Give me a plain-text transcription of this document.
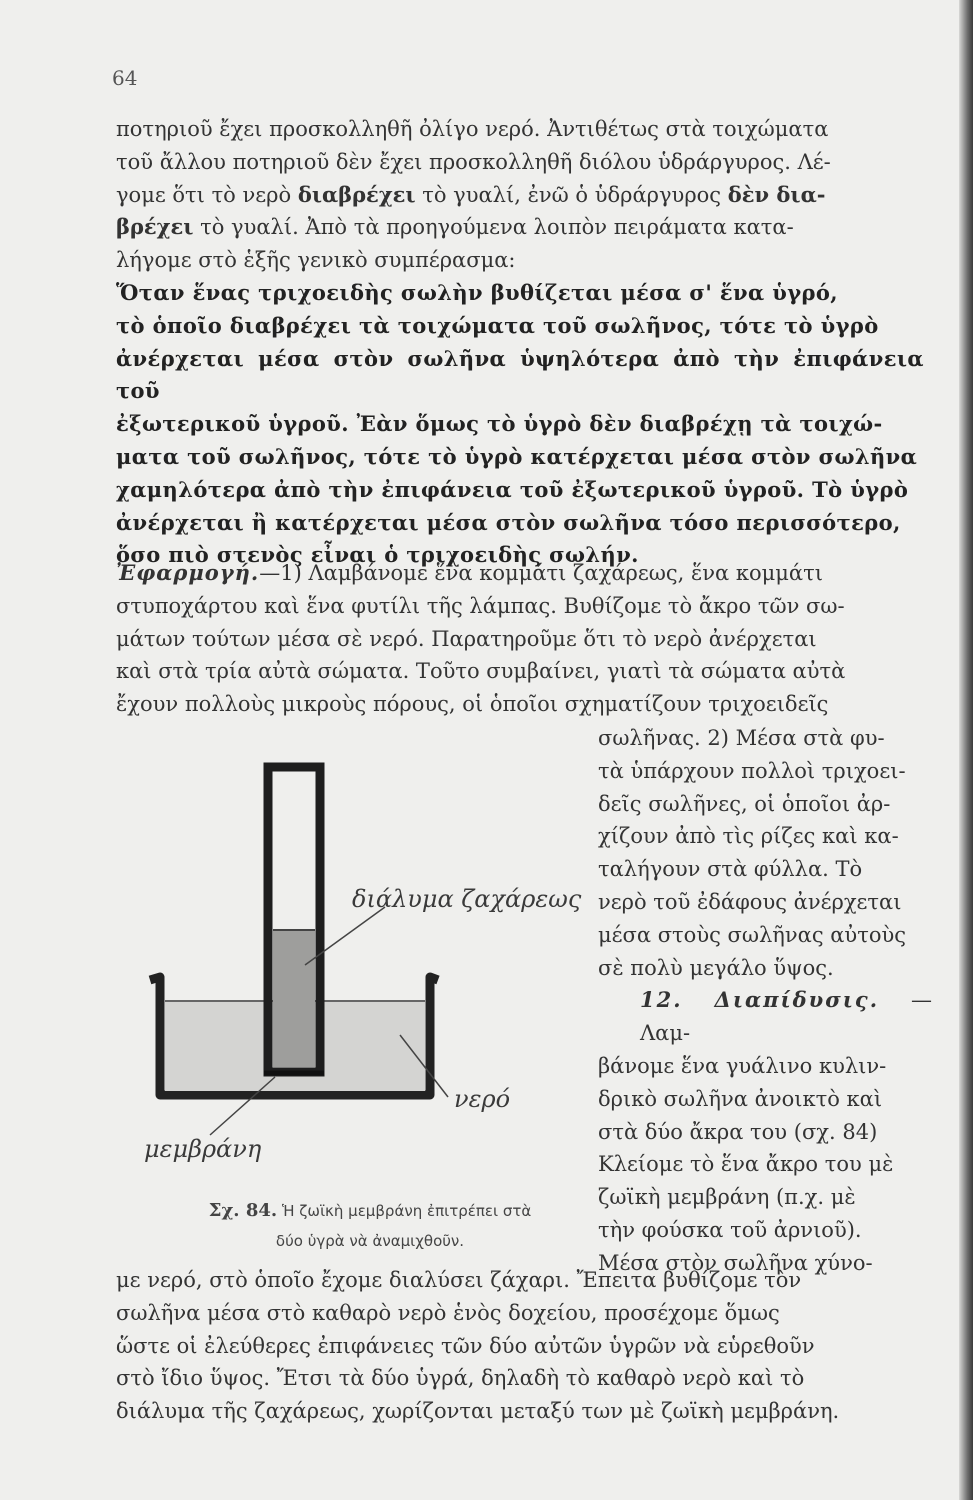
64

ποτηριοῦ ἔχει προσκολληθῆ ὀλίγο νερό. Ἀντιθέτως στὰ τοιχώματα
τοῦ ἄλλου ποτηριοῦ δὲν ἔχει προσκολληθῆ διόλου ὑδράργυρος. Λέ-
γομε ὅτι τὸ νερὸ διαβρέχει τὸ γυαλί, ἐνῶ ὁ ὑδράργυρος δὲν δια-
βρέχει τὸ γυαλί. Ἀπὸ τὰ προηγούμενα λοιπὸν πειράματα κατα-
λήγομε στὸ ἑξῆς γενικὸ συμπέρασμα:

Ὅταν ἕνας τριχοειδὴς σωλὴν βυθίζεται μέσα σ' ἕνα ὑγρό,
τὸ ὁποῖο διαβρέχει τὰ τοιχώματα τοῦ σωλῆνος, τότε τὸ ὑγρὸ
ἀνέρχεται μέσα στὸν σωλῆνα ὑψηλότερα ἀπὸ τὴν ἐπιφάνεια τοῦ
ἐξωτερικοῦ ὑγροῦ. Ἐὰν ὅμως τὸ ὑγρὸ δὲν διαβρέχῃ τὰ τοιχώ-
ματα τοῦ σωλῆνος, τότε τὸ ὑγρὸ κατέρχεται μέσα στὸν σωλῆνα
χαμηλότερα ἀπὸ τὴν ἐπιφάνεια τοῦ ἐξωτερικοῦ ὑγροῦ. Τὸ ὑγρὸ
ἀνέρχεται ἢ κατέρχεται μέσα στὸν σωλῆνα τόσο περισσότερο,
ὅσο πιὸ στενὸς εἶναι ὁ τριχοειδὴς σωλήν.

Ἐφαρμογή.—1) Λαμβάνομε ἕνα κομμάτι ζαχάρεως, ἕνα κομμάτι
στυποχάρτου καὶ ἕνα φυτίλι τῆς λάμπας. Βυθίζομε τὸ ἄκρο τῶν σω-
μάτων τούτων μέσα σὲ νερό. Παρατηροῦμε ὅτι τὸ νερὸ ἀνέρχεται
καὶ στὰ τρία αὐτὰ σώματα. Τοῦτο συμβαίνει, γιατὶ τὰ σώματα αὐτὰ
ἔχουν πολλοὺς μικροὺς πόρους, οἱ ὁποῖοι σχηματίζουν τριχοειδεῖς

σωλῆνας. 2) Μέσα στὰ φυ-
τὰ ὑπάρχουν πολλοὶ τριχοει-
δεῖς σωλῆνες, οἱ ὁποῖοι ἀρ-
χίζουν ἀπὸ τὶς ρίζες καὶ κα-
ταλήγουν στὰ φύλλα. Τὸ
νερὸ τοῦ ἐδάφους ἀνέρχεται
μέσα στοὺς σωλῆνας αὐτοὺς
σὲ πολὺ μεγάλο ὕψος.
12. Διαπίδυσις. — Λαμ-
βάνομε ἕνα γυάλινο κυλιν-
δρικὸ σωλῆνα ἀνοικτὸ καὶ
στὰ δύο ἄκρα του (σχ. 84)
Κλείομε τὸ ἕνα ἄκρο του μὲ
ζωϊκὴ μεμβράνη (π.χ. μὲ
τὴν φούσκα τοῦ ἀρνιοῦ).
Μέσα στὸν σωλῆνα χύνο-

διάλυμα ζαχάρεως
νερό
μεμβράνη
Σχ. 84. Ἡ ζωϊκὴ μεμβράνη ἐπιτρέπει στὰ
δύο ὑγρὰ νὰ ἀναμιχθοῦν.

με νερό, στὸ ὁποῖο ἔχομε διαλύσει ζάχαρι. Ἔπειτα βυθίζομε τὸν
σωλῆνα μέσα στὸ καθαρὸ νερὸ ἑνὸς δοχείου, προσέχομε ὅμως
ὥστε οἱ ἐλεύθερες ἐπιφάνειες τῶν δύο αὐτῶν ὑγρῶν νὰ εὑρεθοῦν
στὸ ἴδιο ὕψος. Ἔτσι τὰ δύο ὑγρά, δηλαδὴ τὸ καθαρὸ νερὸ καὶ τὸ
διάλυμα τῆς ζαχάρεως, χωρίζονται μεταξύ των μὲ ζωϊκὴ μεμβράνη.
